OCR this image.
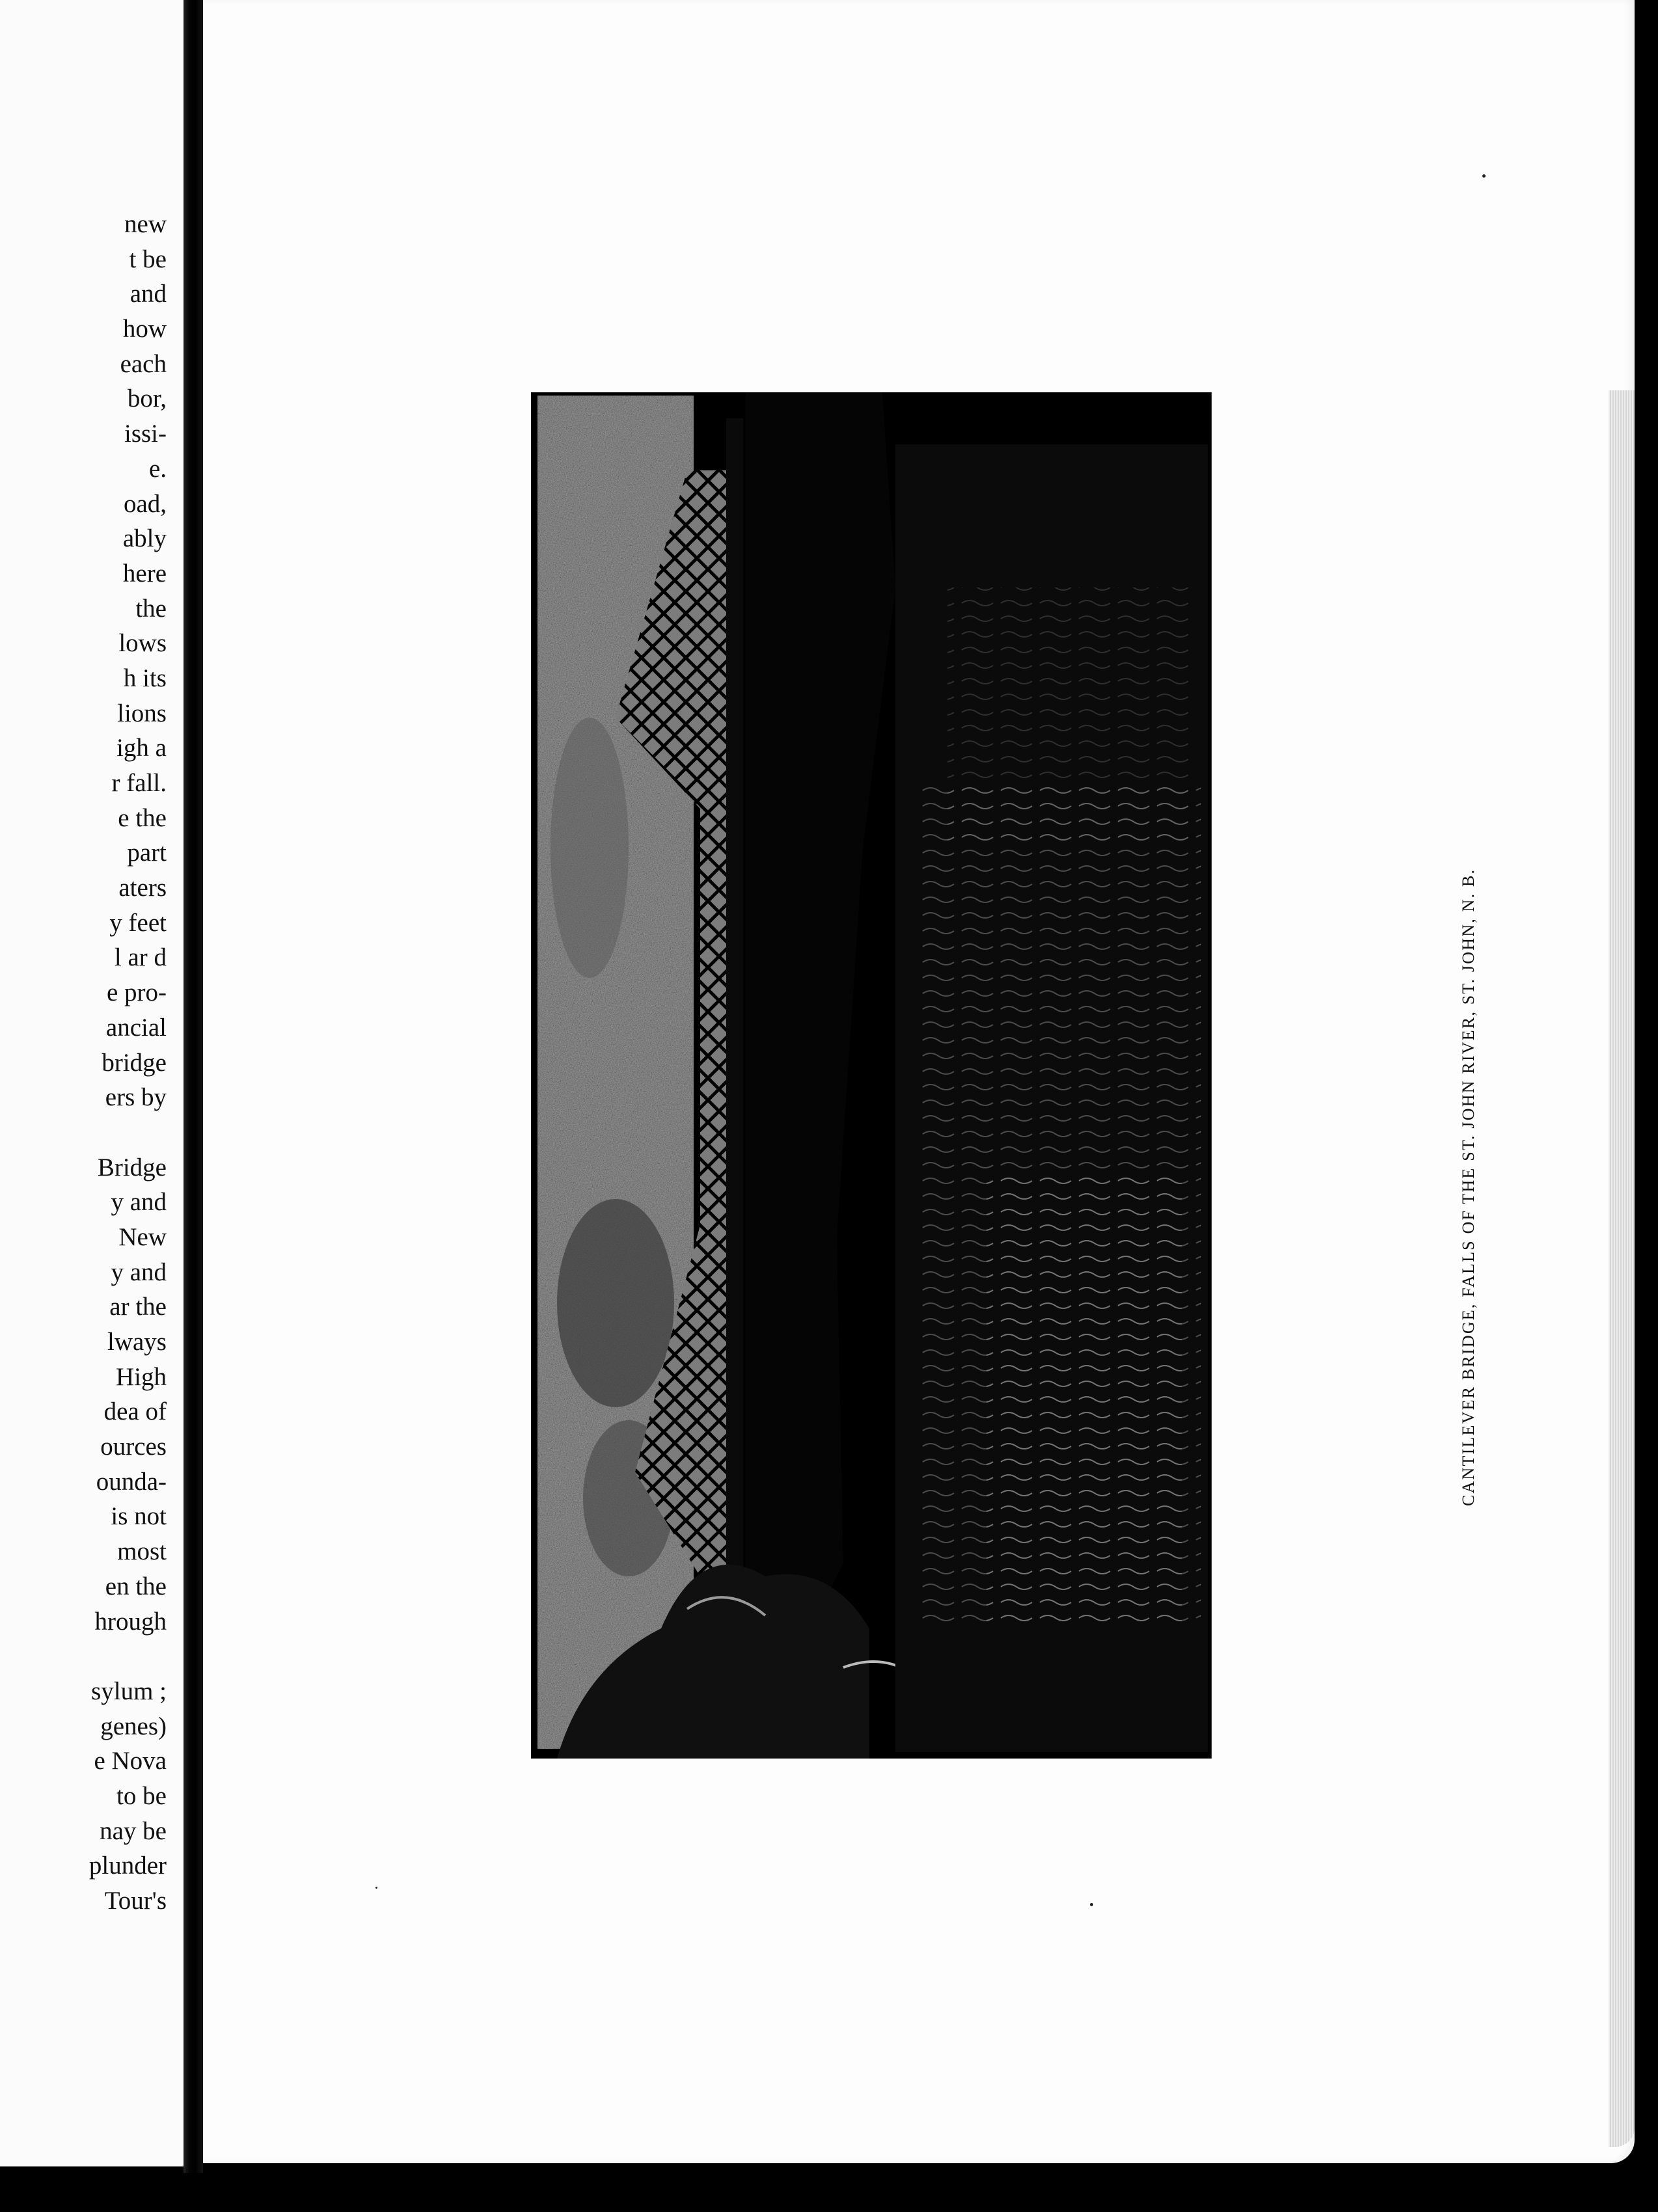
new
t be
and
how
each
bor,
issi-
e.
oad,
ably
here
the
lows
h its
lions
igh a
r fall.
e the
part
aters
y feet
l ar d
e pro-
ancial
bridge
ers by
Bridge
y and
New
y and
ar the
lways
High
dea of
ources
ounda-
is not
most
en the
hrough
sylum ;
genes)
e Nova
to be
nay be
plunder
Tour's
CANTILEVER BRIDGE, FALLS OF THE ST. JOHN RIVER, ST. JOHN, N. B.
